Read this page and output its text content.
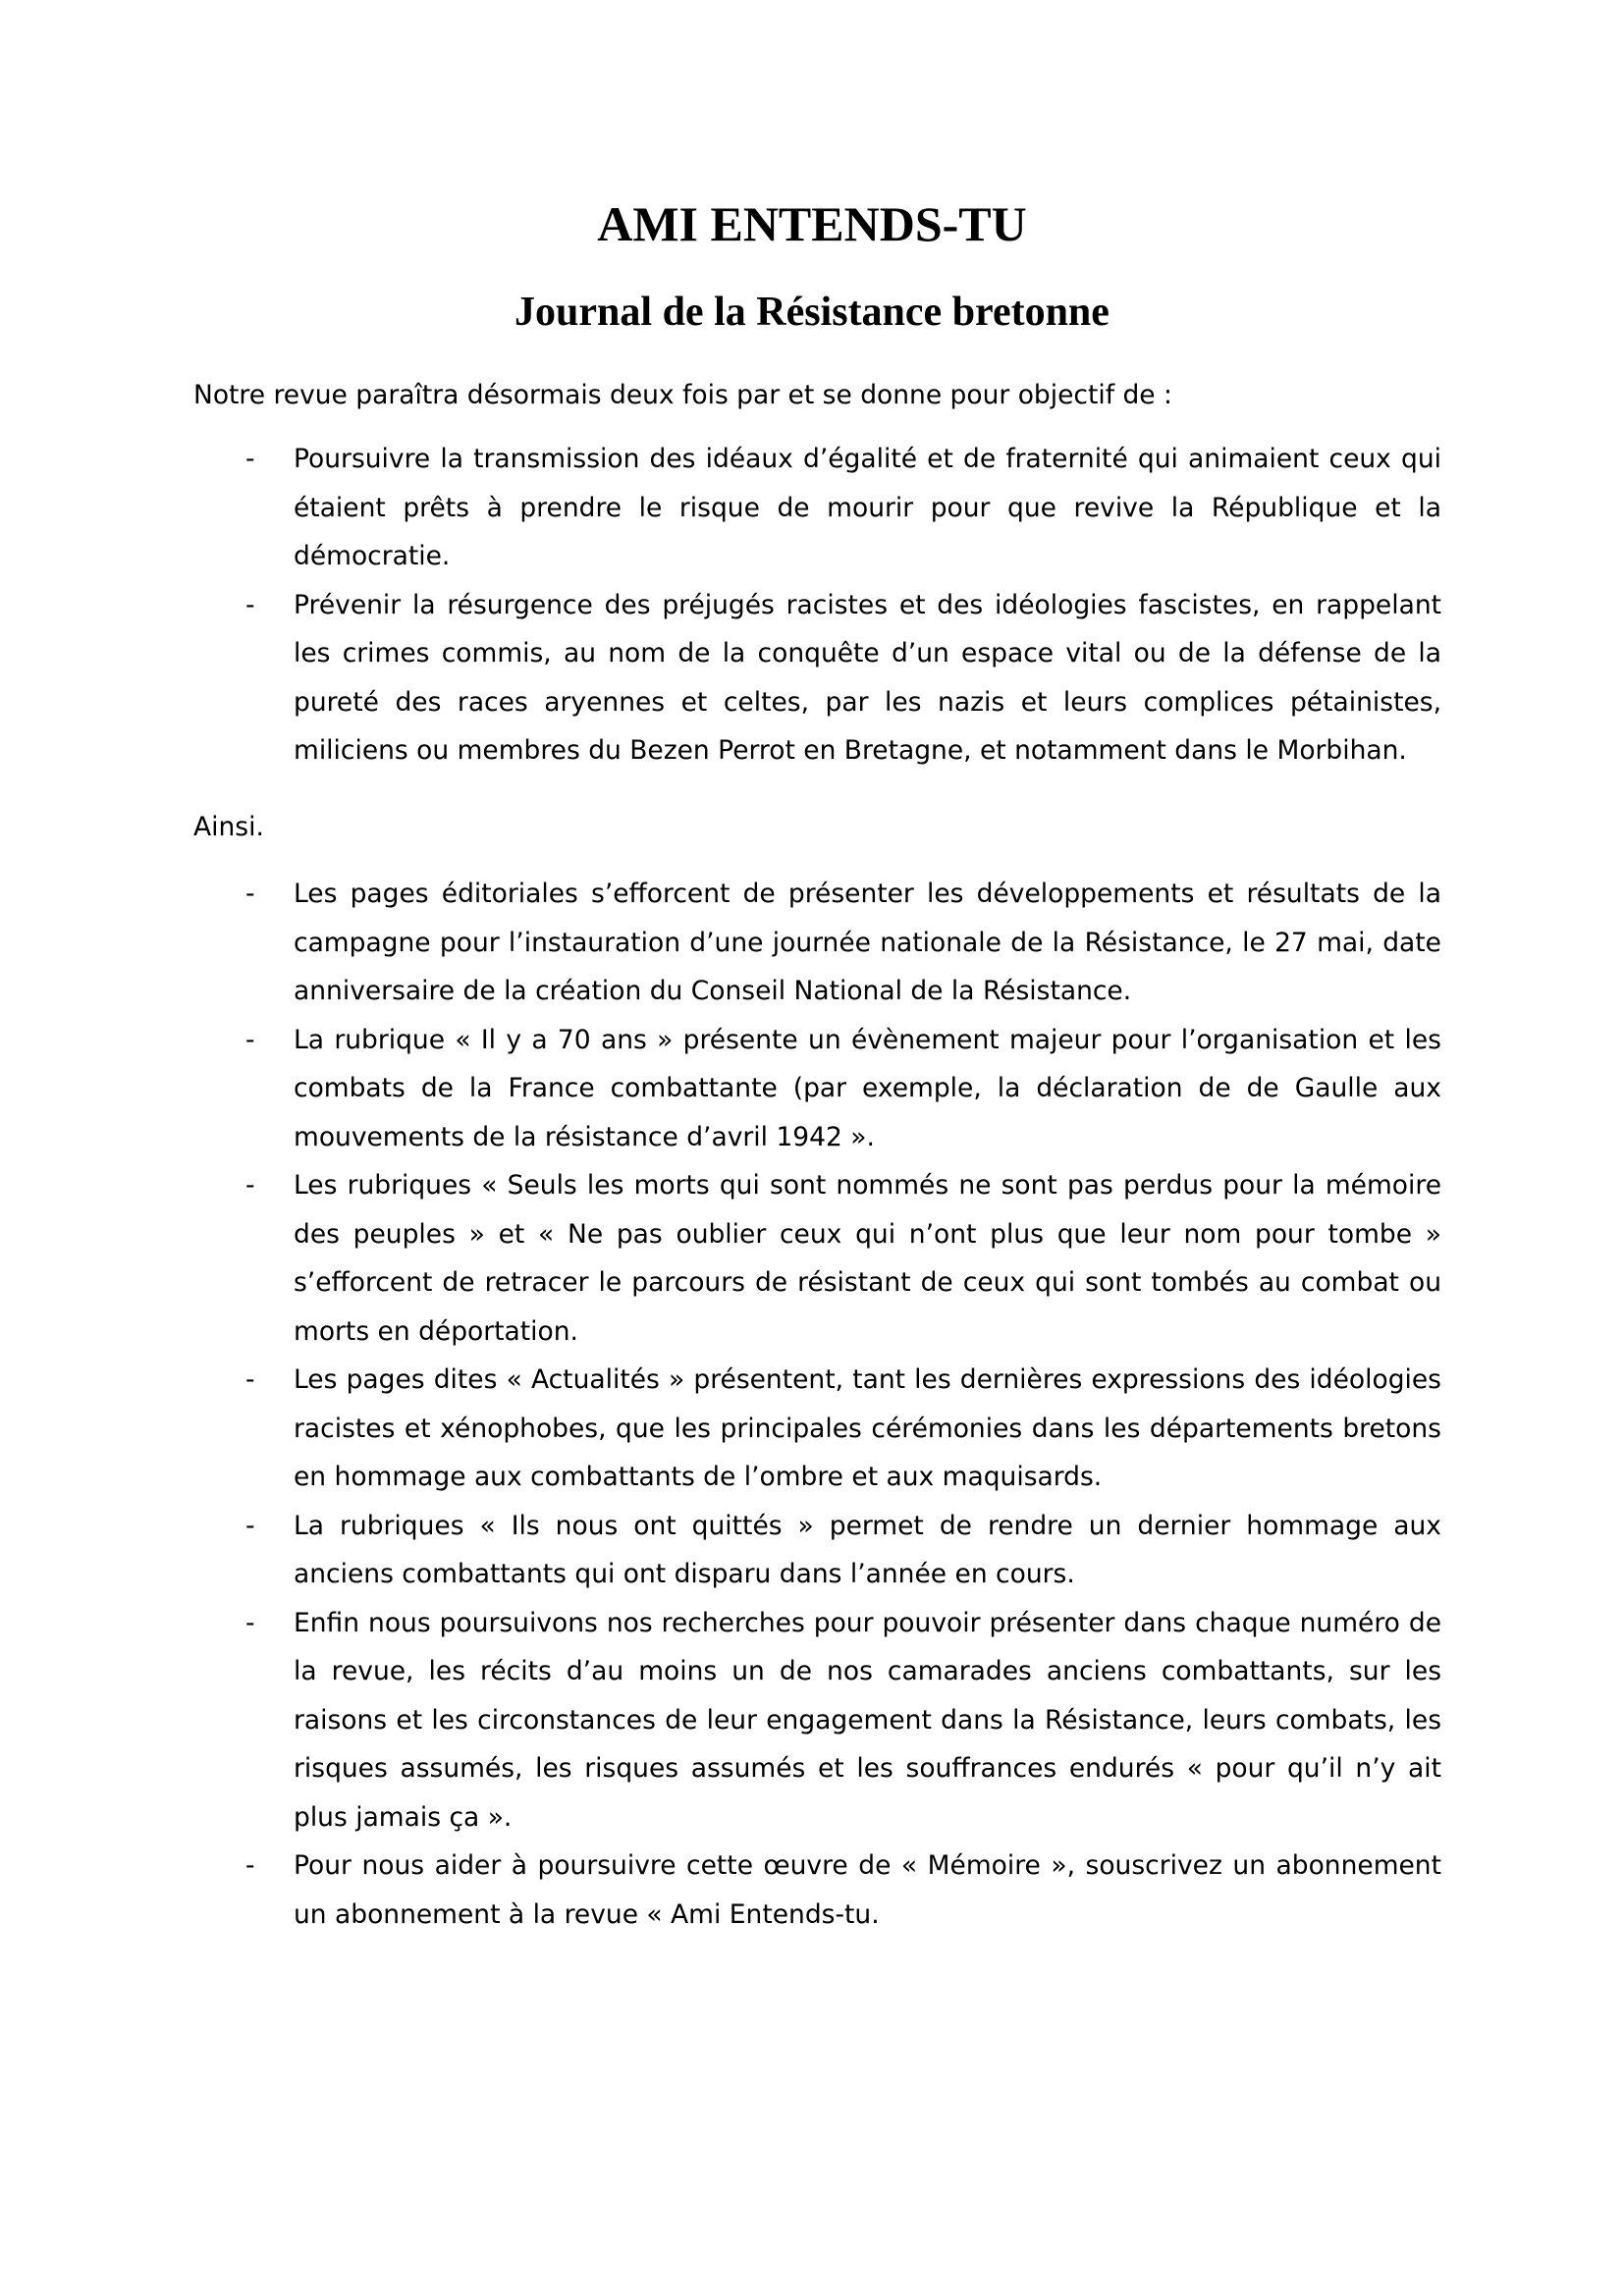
AMI ENTENDS-TU
Journal de la Résistance bretonne

Notre revue paraîtra désormais deux fois par et se donne pour objectif de :

- Poursuivre la transmission des idéaux d’égalité et de fraternité qui animaient ceux qui étaient prêts à prendre le risque de mourir pour que revive la République et la démocratie.
- Prévenir la résurgence des préjugés racistes et des idéologies fascistes, en rappelant les crimes commis, au nom de la conquête d’un espace vital ou de la défense de la pureté des races aryennes et celtes, par les nazis et leurs complices pétainistes, miliciens ou membres du Bezen Perrot en Bretagne, et notamment dans le Morbihan.

Ainsi.

- Les pages éditoriales s’efforcent de présenter les développements et résultats de la campagne pour l’instauration d’une journée nationale de la Résistance, le 27 mai, date anniversaire de la création du Conseil National de la Résistance.
- La rubrique « Il y a 70 ans » présente un évènement majeur pour l’organisation et les combats de la France combattante (par exemple, la déclaration de de Gaulle aux mouvements de la résistance d’avril 1942 ».
- Les rubriques « Seuls les morts qui sont nommés ne sont pas perdus pour la mémoire des peuples » et « Ne pas oublier ceux qui n’ont plus que leur nom pour tombe » s’efforcent de retracer le parcours de résistant de ceux qui sont tombés au combat ou morts en déportation.
- Les pages dites « Actualités » présentent, tant les dernières expressions des idéologies racistes et xénophobes, que les principales cérémonies dans les départements bretons en hommage aux combattants de l’ombre et aux maquisards.
- La rubriques « Ils nous ont quittés » permet de rendre un dernier hommage aux anciens combattants qui ont disparu dans l’année en cours.
- Enfin nous poursuivons nos recherches pour pouvoir présenter dans chaque numéro de la revue, les récits d’au moins un de nos camarades anciens combattants, sur les raisons et les circonstances de leur engagement dans la Résistance, leurs combats, les risques assumés, les risques assumés et les souffrances endurés « pour qu’il n’y ait plus jamais ça ».
- Pour nous aider à poursuivre cette œuvre de « Mémoire », souscrivez un abonnement un abonnement à la revue « Ami Entends-tu.
